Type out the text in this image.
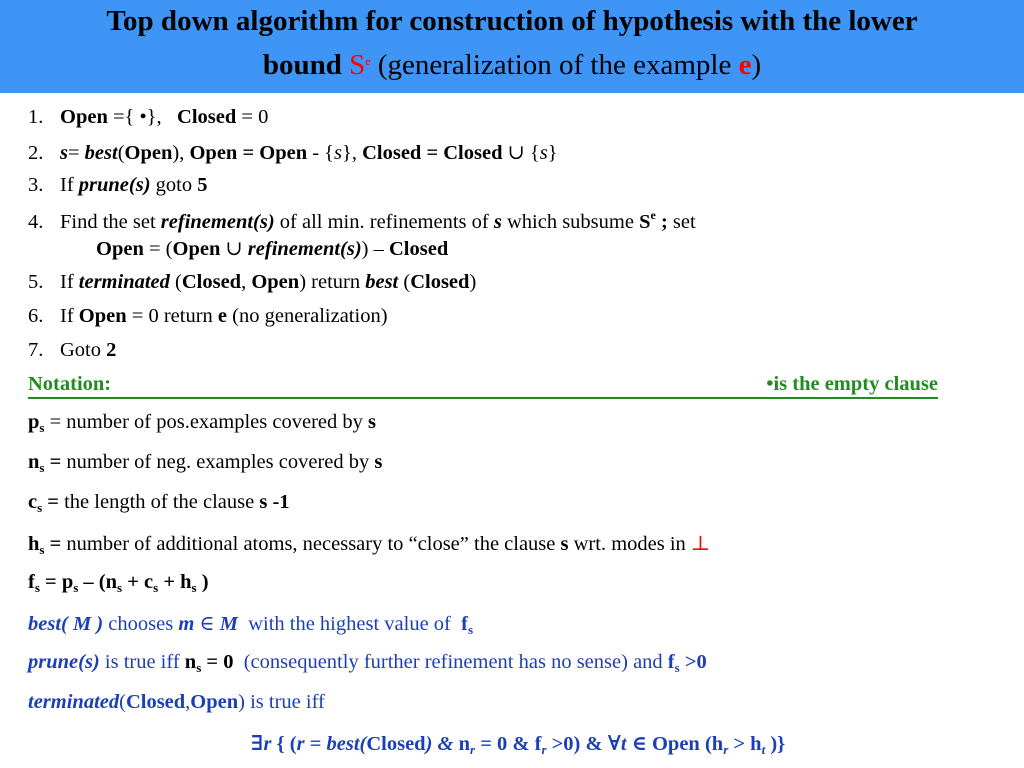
Top down algorithm for construction of hypothesis with the lower
bound $S^e$ (generalization of the example e)
1. Open ={ •},   Closed = 0
2. s= best(Open), Open = Open - {s}, Closed = Closed ∪ {s}
3. If prune(s) goto 5
4. Find the set refinement(s) of all min. refinements of s which subsume $S^e$ ; set
Open = (Open ∪ refinement(s)) – Closed
5. If terminated (Closed, Open) return best (Closed)
6. If Open = 0 return e (no generalization)
7. Goto 2
Notation:	•is the empty clause
$p_s$ = number of pos.examples covered by s
$n_s$ = number of neg. examples covered by s
$c_s$ = the length of the clause s -1
$h_s$ = number of additional atoms, necessary to “close” the clause s wrt. modes in ⊥
$f_s = p_s - (n_s + c_s + h_s$ )
best( M ) chooses m ∈ M  with the highest value of  $f_s$
prune(s) is true iff $n_s = 0$ (consequently further refinement has no sense) and $f_s >0$
terminated(Closed,Open) is true iff
∃r { (r = best(Closed) & $n_r = 0$ & $f_r >0$) & ∀t ∈ Open ($h_r > h_t$ )}
